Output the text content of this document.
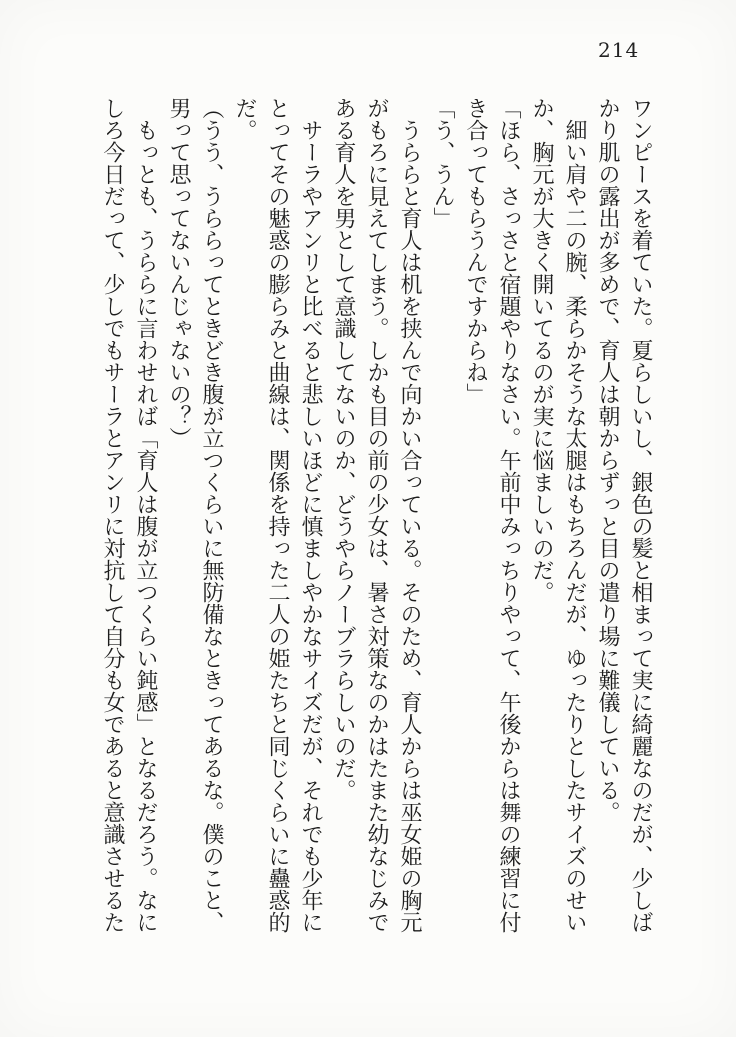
214
ワンピースを着ていた。夏らしいし、銀色の髪と相まって実に綺麗なのだが、少しば
かり肌の露出が多めで、育人は朝からずっと目の遣り場に難儀している。
　細い肩や二の腕、柔らかそうな太腿はもちろんだが、ゆったりとしたサイズのせい
か、胸元が大きく開いてるのが実に悩ましいのだ。
「ほら、さっさと宿題やりなさい。午前中みっちりやって、午後からは舞の練習に付
き合ってもらうんですからね」
「う、うん」
　うららと育人は机を挟んで向かい合っている。そのため、育人からは巫女姫の胸元
がもろに見えてしまう。しかも目の前の少女は、暑さ対策なのかはたまた幼なじみで
ある育人を男として意識してないのか、どうやらノーブラらしいのだ。
　サーラやアンリと比べると悲しいほどに慎ましやかなサイズだが、それでも少年に
とってその魅惑の膨らみと曲線は、関係を持った二人の姫たちと同じくらいに蠱惑的
だ。
（うう、うららってときどき腹が立つくらいに無防備なときってあるな。僕のこと、
男って思ってないんじゃないの？）
　もっとも、うららに言わせれば「育人は腹が立つくらい鈍感」となるだろう。なに
しろ今日だって、少しでもサーラとアンリに対抗して自分も女であると意識させるた
